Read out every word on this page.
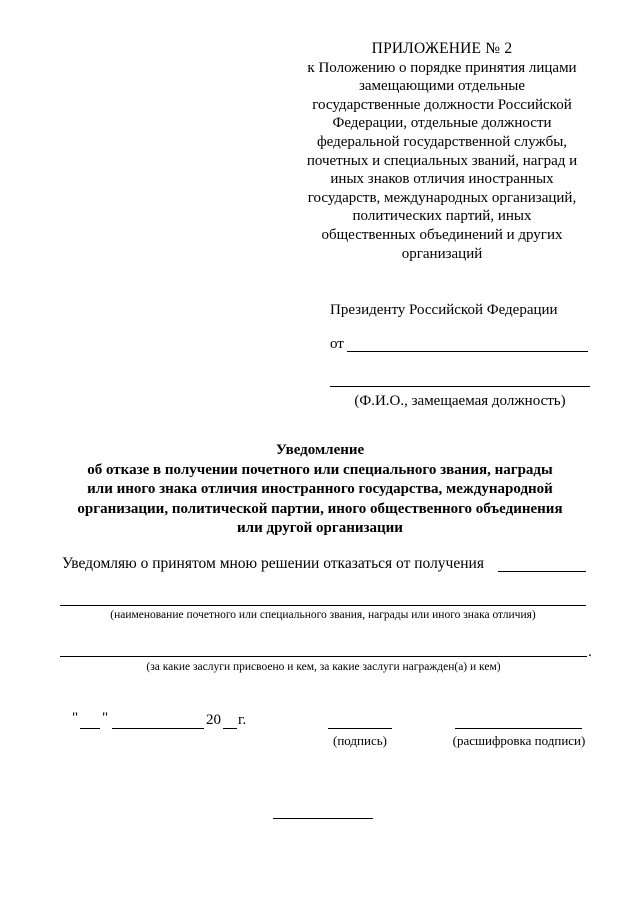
ПРИЛОЖЕНИЕ № 2
к Положению о порядке принятия лицами
замещающими отдельные
государственные должности Российской
Федерации, отдельные должности
федеральной государственной службы,
почетных и специальных званий, наград и
иных знаков отличия иностранных
государств, международных организаций,
политических партий, иных
общественных объединений и других
организаций
Президенту Российской Федерации
от
(Ф.И.О., замещаемая должность)
Уведомление
об отказе в получении почетного или специального звания, награды
или иного знака отличия иностранного государства, международной
организации, политической партии, иного общественного объединения
или другой организации
Уведомляю о принятом мною решении отказаться от получения
(наименование почетного или специального звания, награды или иного знака отличия)
.
(за какие заслуги присвоено и кем, за какие заслуги награжден(а) и кем)
" "	20 г.
(подпись)	(расшифровка подписи)
